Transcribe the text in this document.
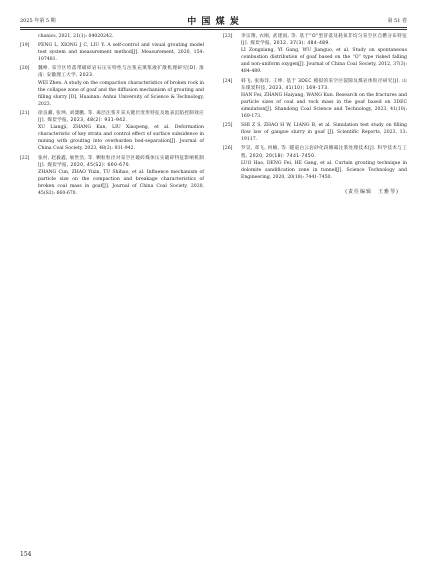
2025 年第 5 期	中 国 煤 炭	第 51 卷

chanics, 2021, 21(1): 04020242.

[19] PENG L, XIONG J C, LIU Y. A self-control and visual grouting model test system and measurement method[J]. Measurement, 2020, 154: 107481.

[20] 魏峥. 采空区垮落带破碎岩石压实特性与注浆充填浆液扩散机理研究[D]. 淮南: 安徽理工大学, 2023.

WEI Zhen. A study on the compaction characteristics of broken rock in the collapse zone of goaf and the diffusion mechanism of grouting and filling slurry [D]. Huainan: Anhui University of Science & Technology, 2023.

[21] 徐良骥, 张坤, 刘潇鹏, 等. 离层注浆开采关键层变形特征及地表沉陷控制效应[J]. 煤炭学报, 2023, 48(2): 931-942.

XU Liangji, ZHANG Kun, LIU Xiaopeng, et al. Deformation characteristic of key strata and control effect of surface subsidence in mining with grouting into overburden bed-separation[J]. Journal of China Coal Society, 2023, 48(2): 931-942.

[22] 张村, 赵毅鑫, 屠世浩, 等. 颗粒粒径对采空区破碎煤体压实破碎特征影响机制[J]. 煤炭学报, 2020, 45(S2): 660-670.

ZHANG Cun, ZHAO Yixin, TU Shihao, et al. Influence mechanism of particle size on the compaction and breakage characteristics of broken coal mass in goaf[J]. Journal of China Coal Society, 2020, 45(S2): 660-670.

[23] 李宗翔, 衣刚, 武建国, 等. 基于“O”型冒落及耗氧非均匀采空区自燃分布特征[J]. 煤炭学报, 2012, 37(3): 484-489.

LI Zongxiang, YI Gang, WU Jianguo, et al. Study on spontaneous combustion distribution of goaf based on the “O” type risked falling and non-uniform oxygen[J]. Journal of China Coal Society, 2012, 37(3): 484-489.

[24] 韩飞, 张海洋, 王坤. 基于 3DEC 模拟的采空区裂隙及煤岩体粒径研究[J]. 山东煤炭科技, 2023, 41(10): 169-173.

HAN Fei, ZHANG Haiyang, WANG Kun. Research on the fractures and particle sizes of coal and rock mass in the goaf based on 3DEC simulation[J]. Shandong Coal Science and Technology, 2023, 41(10): 169-173.

[25] SHI Z S, ZHAO H W, LIANG B, et al. Simulation test study on filling flow law of gangue slurry in goaf [J]. Scientific Reports, 2023, 13: 19117.

[26] 罗昊, 邓飞, 何楠, 等. 隧道白云岩砂化段帷幕注浆处理技术[J]. 科学技术与工程, 2020, 20(18): 7441-7450.

LUO Hao, DENG Fei, HE Gang, et al. Curtain grouting technique in dolomite sandification zone in tunnel[J]. Science Technology and Engineering, 2020, 20(18): 7441-7450.

(责任编辑　王雅琴)
154
